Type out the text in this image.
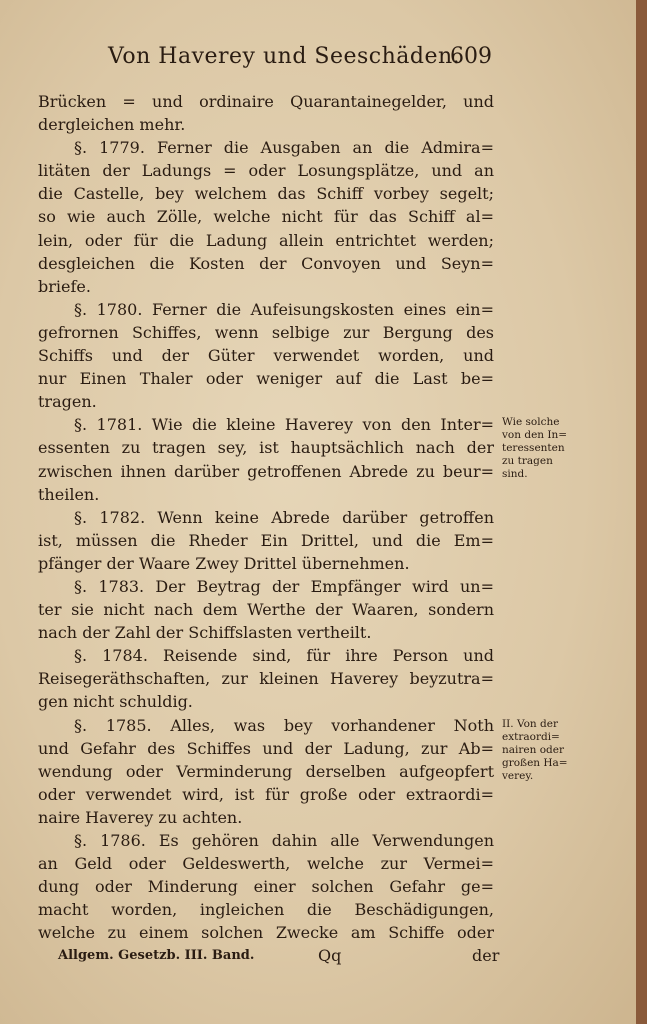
Von Haverey und Seeschäden.
609
Brücken = und ordinaire Quarantainegelder, und
dergleichen mehr.
§. 1779. Ferner die Ausgaben an die Admira=
litäten der Ladungs = oder Losungsplätze, und an
die Castelle, bey welchem das Schiff vorbey segelt;
so wie auch Zölle, welche nicht für das Schiff al=
lein, oder für die Ladung allein entrichtet werden;
desgleichen die Kosten der Convoyen und Seyn=
briefe.
§. 1780. Ferner die Aufeisungskosten eines ein=
gefrornen Schiffes, wenn selbige zur Bergung des
Schiffs und der Güter verwendet worden, und
nur Einen Thaler oder weniger auf die Last be=
tragen.
§. 1781. Wie die kleine Haverey von den Inter=
essenten zu tragen sey, ist hauptsächlich nach der
zwischen ihnen darüber getroffenen Abrede zu beur=
theilen.
§. 1782. Wenn keine Abrede darüber getroffen
ist, müssen die Rheder Ein Drittel, und die Em=
pfänger der Waare Zwey Drittel übernehmen.
§. 1783. Der Beytrag der Empfänger wird un=
ter sie nicht nach dem Werthe der Waaren, sondern
nach der Zahl der Schiffslasten vertheilt.
§. 1784. Reisende sind, für ihre Person und
Reisegeräthschaften, zur kleinen Haverey beyzutra=
gen nicht schuldig.
§. 1785. Alles, was bey vorhandener Noth
und Gefahr des Schiffes und der Ladung, zur Ab=
wendung oder Verminderung derselben aufgeopfert
oder verwendet wird, ist für große oder extraordi=
naire Haverey zu achten.
§. 1786. Es gehören dahin alle Verwendungen
an Geld oder Geldeswerth, welche zur Vermei=
dung oder Minderung einer solchen Gefahr ge=
macht worden, ingleichen die Beschädigungen,
welche zu einem solchen Zwecke am Schiffe oder
Wie solche
von den In=
teressenten
zu tragen
sind.
II. Von der
extraordi=
nairen oder
großen Ha=
verey.
Allgem. Gesetzb. III. Band.	Qq	der
